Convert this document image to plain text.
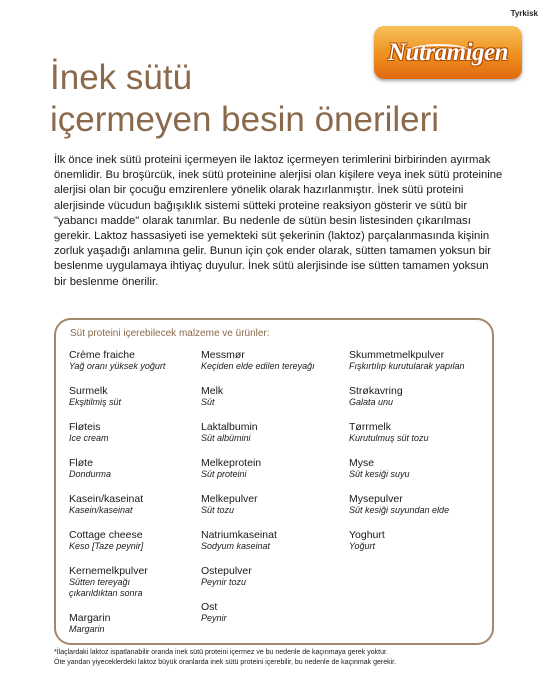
Tyrkisk
Nutramigen
İnek sütü
içermeyen besin önerileri

İlk önce inek sütü proteini içermeyen ile laktoz içermeyen terimlerini birbirinden ayırmak önemlidir. Bu broşürcük, inek sütü proteinine alerjisi olan kişilere veya inek sütü proteinine alerjisi olan bir çocuğu emzirenlere yönelik olarak hazırlanmıştır. İnek sütü proteini alerjisinde vücudun bağışıklık sistemi sütteki proteine reaksiyon gösterir ve sütü bir "yabancı madde" olarak tanımlar. Bu nedenle de sütün besin listesinden çıkarılması gerekir. Laktoz hassasiyeti ise yemekteki süt şekerinin (laktoz) parçalanmasında kişinin zorluk yaşadığı anlamına gelir. Bunun için çok ender olarak, sütten tamamen yoksun bir beslenme uygulamaya ihtiyaç duyulur. İnek sütü alerjisinde ise sütten tamamen yoksun bir beslenme önerilir.

Süt proteini içerebilecek malzeme ve ürünler:
Crème fraiche
Yağ oranı yüksek yoğurt
Surmelk
Ekşitilmiş süt
Fløteis
Ice cream
Fløte
Dondurma
Kasein/kaseinat
Kasein/kaseinat
Cottage cheese
Keso [Taze peynir]
Kernemelkpulver
Sütten tereyağı çıkarıldıktan sonra
Margarin
Margarin
Messmør
Keçiden elde edilen tereyağı
Melk
Süt
Laktalbumin
Süt albümini
Melkeprotein
Süt proteini
Melkepulver
Süt tozu
Natriumkaseinat
Sodyum kaseinat
Ostepulver
Peynir tozu
Ost
Peynir
Skummetmelkpulver
Fışkırtılıp kurutularak yapılan
Strøkavring
Galata unu
Tørrmelk
Kurutulmuş süt tozu
Myse
Süt kesiği suyu
Mysepulver
Süt kesiği suyundan elde
Yoghurt
Yoğurt
*İlaçlardaki laktoz ispatlanabilir oranda inek sütü proteini içermez ve bu nedenle de kaçınmaya gerek yoktur.
Öte yandan yiyeceklerdeki laktoz büyük oranlarda inek sütü proteini içerebilir, bu nedenle de kaçınmak gerekir.
